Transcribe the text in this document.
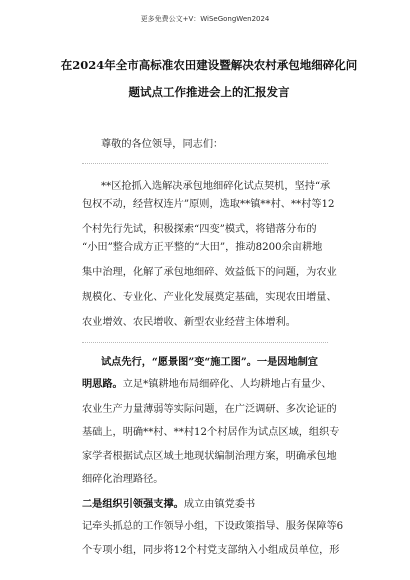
更多免费公文+V：WiSeGongWen2024
在2024年全市高标准农田建设暨解决农村承包地细碎化问
题试点工作推进会上的汇报发言
尊敬的各位领导，同志们：
**区抢抓入选解决承包地细碎化试点契机，坚持“承
包权不动，经营权连片”原则，选取**镇**村、**村等12
个村先行先试，积极探索“四变”模式，将错落分布的
“小田”整合成方正平整的“大田”，推动8200余亩耕地
集中治理，化解了承包地细碎、效益低下的问题，为农业
规模化、专业化、产业化发展奠定基础，实现农田增量、
农业增效、农民增收、新型农业经营主体增利。
试点先行，“愿景图”变“施工图”。一是因地制宜
明思路。立足*镇耕地布局细碎化、人均耕地占有量少、
农业生产力量薄弱等实际问题，在广泛调研、多次论证的
基础上，明确**村、**村12个村居作为试点区域，组织专
家学者根据试点区域土地现状编制治理方案，明确承包地
细碎化治理路径。
二是组织引领强支撑。成立由镇党委书
记牵头抓总的工作领导小组，下设政策指导、服务保障等6
个专项小组，同步将12个村党支部纳入小组成员单位，形
